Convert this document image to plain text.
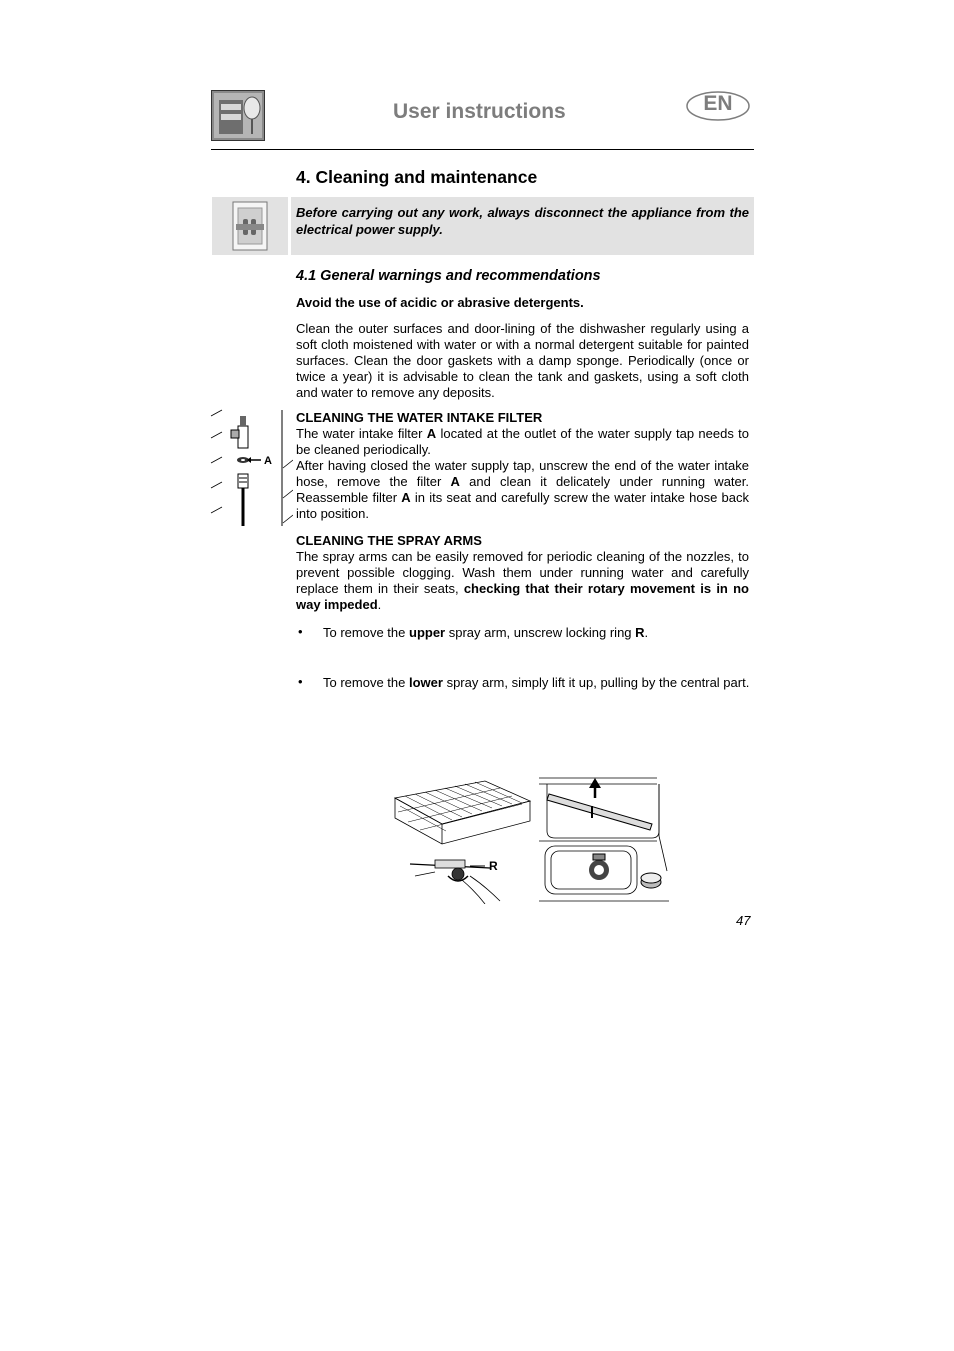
User instructions	EN
4. Cleaning and maintenance
Before carrying out any work, always disconnect the appliance from the electrical power supply.
4.1 General warnings and recommendations
Avoid the use of acidic or abrasive detergents.
Clean the outer surfaces and door-lining of the dishwasher regularly using a soft cloth moistened with water or with a normal detergent suitable for painted surfaces. Clean the door gaskets with a damp sponge. Periodically (once or twice a year) it is advisable to clean the tank and gaskets, using a soft cloth and water to remove any deposits.
A
CLEANING THE WATER INTAKE FILTER
The water intake filter A located at the outlet of the water supply tap needs to be cleaned periodically.
After having closed the water supply tap, unscrew the end of the water intake hose, remove the filter A and clean it delicately under running water. Reassemble filter A in its seat and carefully screw the water intake hose back into position.
CLEANING THE SPRAY ARMS
The spray arms can be easily removed for periodic cleaning of the nozzles, to prevent possible clogging. Wash them under running water and carefully replace them in their seats, checking that their rotary movement is in no way impeded.
• To remove the upper spray arm, unscrew locking ring R.
• To remove the lower spray arm, simply lift it up, pulling by the central part.
R
47
